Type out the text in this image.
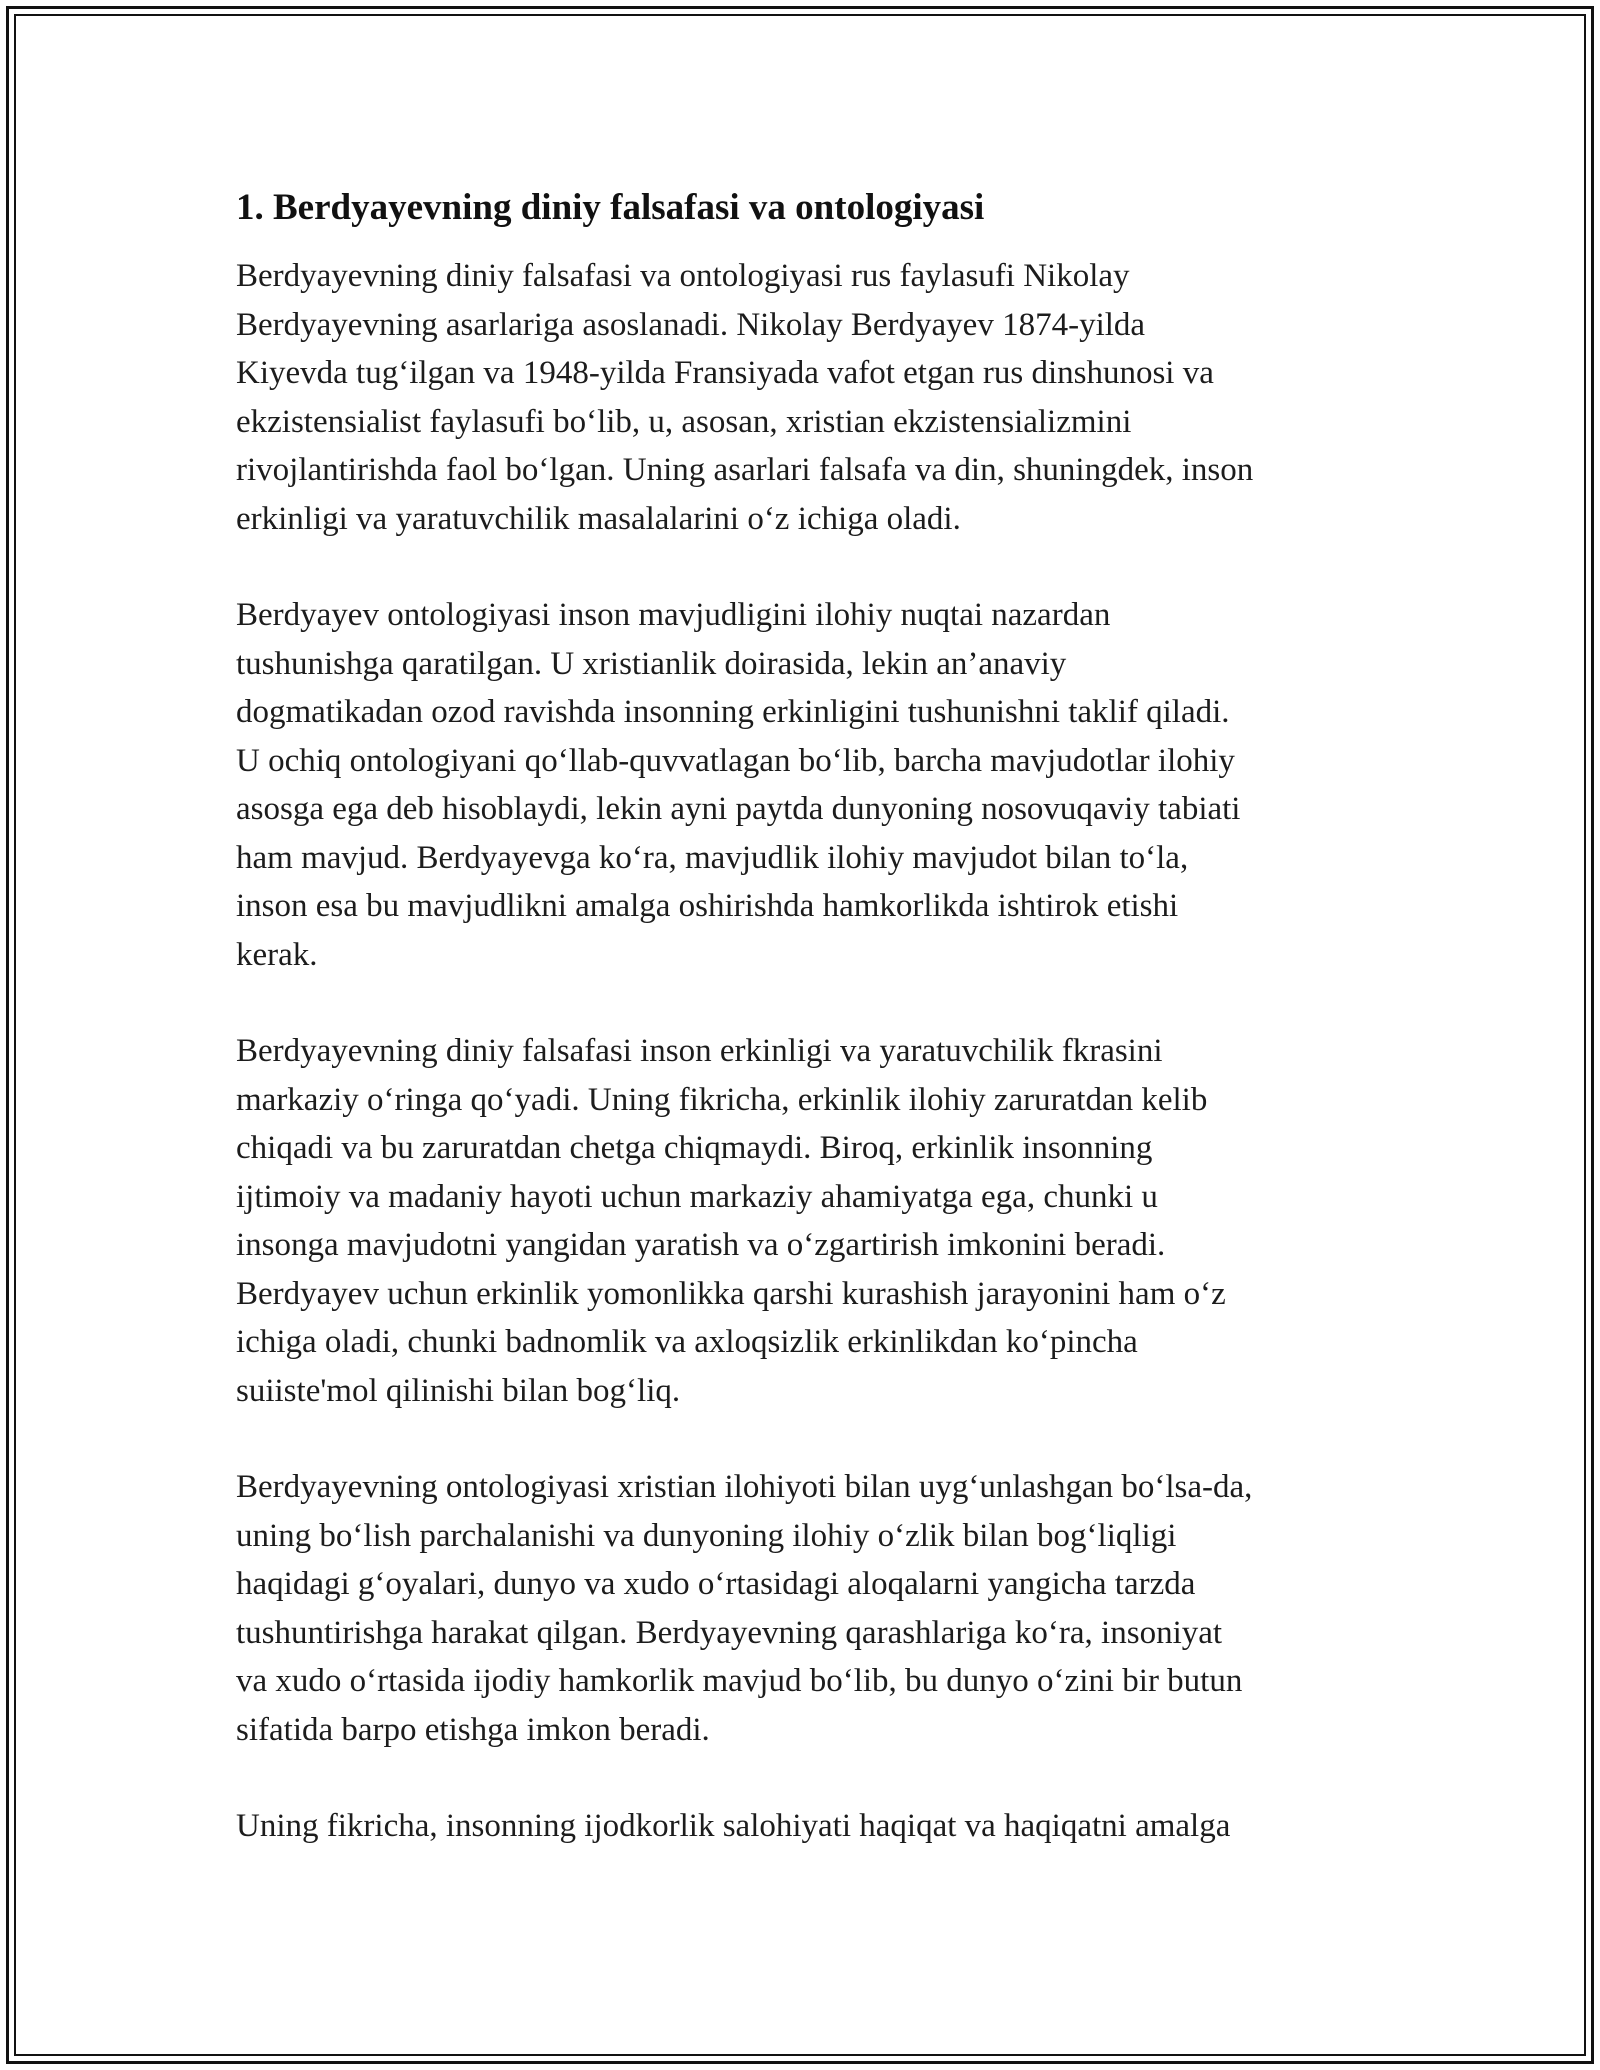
1. Berdyayevning diniy falsafasi va ontologiyasi

Berdyayevning diniy falsafasi va ontologiyasi rus faylasufi Nikolay
Berdyayevning asarlariga asoslanadi. Nikolay Berdyayev 1874-yilda
Kiyevda tug‘ilgan va 1948-yilda Fransiyada vafot etgan rus dinshunosi va
ekzistensialist faylasufi bo‘lib, u, asosan, xristian ekzistensializmini
rivojlantirishda faol bo‘lgan. Uning asarlari falsafa va din, shuningdek, inson
erkinligi va yaratuvchilik masalalarini o‘z ichiga oladi.

Berdyayev ontologiyasi inson mavjudligini ilohiy nuqtai nazardan
tushunishga qaratilgan. U xristianlik doirasida, lekin an’anaviy
dogmatikadan ozod ravishda insonning erkinligini tushunishni taklif qiladi.
U ochiq ontologiyani qo‘llab-quvvatlagan bo‘lib, barcha mavjudotlar ilohiy
asosga ega deb hisoblaydi, lekin ayni paytda dunyoning nosovuqaviy tabiati
ham mavjud. Berdyayevga ko‘ra, mavjudlik ilohiy mavjudot bilan to‘la,
inson esa bu mavjudlikni amalga oshirishda hamkorlikda ishtirok etishi
kerak.

Berdyayevning diniy falsafasi inson erkinligi va yaratuvchilik fkrasini
markaziy o‘ringa qo‘yadi. Uning fikricha, erkinlik ilohiy zaruratdan kelib
chiqadi va bu zaruratdan chetga chiqmaydi. Biroq, erkinlik insonning
ijtimoiy va madaniy hayoti uchun markaziy ahamiyatga ega, chunki u
insonga mavjudotni yangidan yaratish va o‘zgartirish imkonini beradi.
Berdyayev uchun erkinlik yomonlikka qarshi kurashish jarayonini ham o‘z
ichiga oladi, chunki badnomlik va axloqsizlik erkinlikdan ko‘pincha
suiiste'mol qilinishi bilan bog‘liq.

Berdyayevning ontologiyasi xristian ilohiyoti bilan uyg‘unlashgan bo‘lsa-da,
uning bo‘lish parchalanishi va dunyoning ilohiy o‘zlik bilan bog‘liqligi
haqidagi g‘oyalari, dunyo va xudo o‘rtasidagi aloqalarni yangicha tarzda
tushuntirishga harakat qilgan. Berdyayevning qarashlariga ko‘ra, insoniyat
va xudo o‘rtasida ijodiy hamkorlik mavjud bo‘lib, bu dunyo o‘zini bir butun
sifatida barpo etishga imkon beradi.

Uning fikricha, insonning ijodkorlik salohiyati haqiqat va haqiqatni amalga
